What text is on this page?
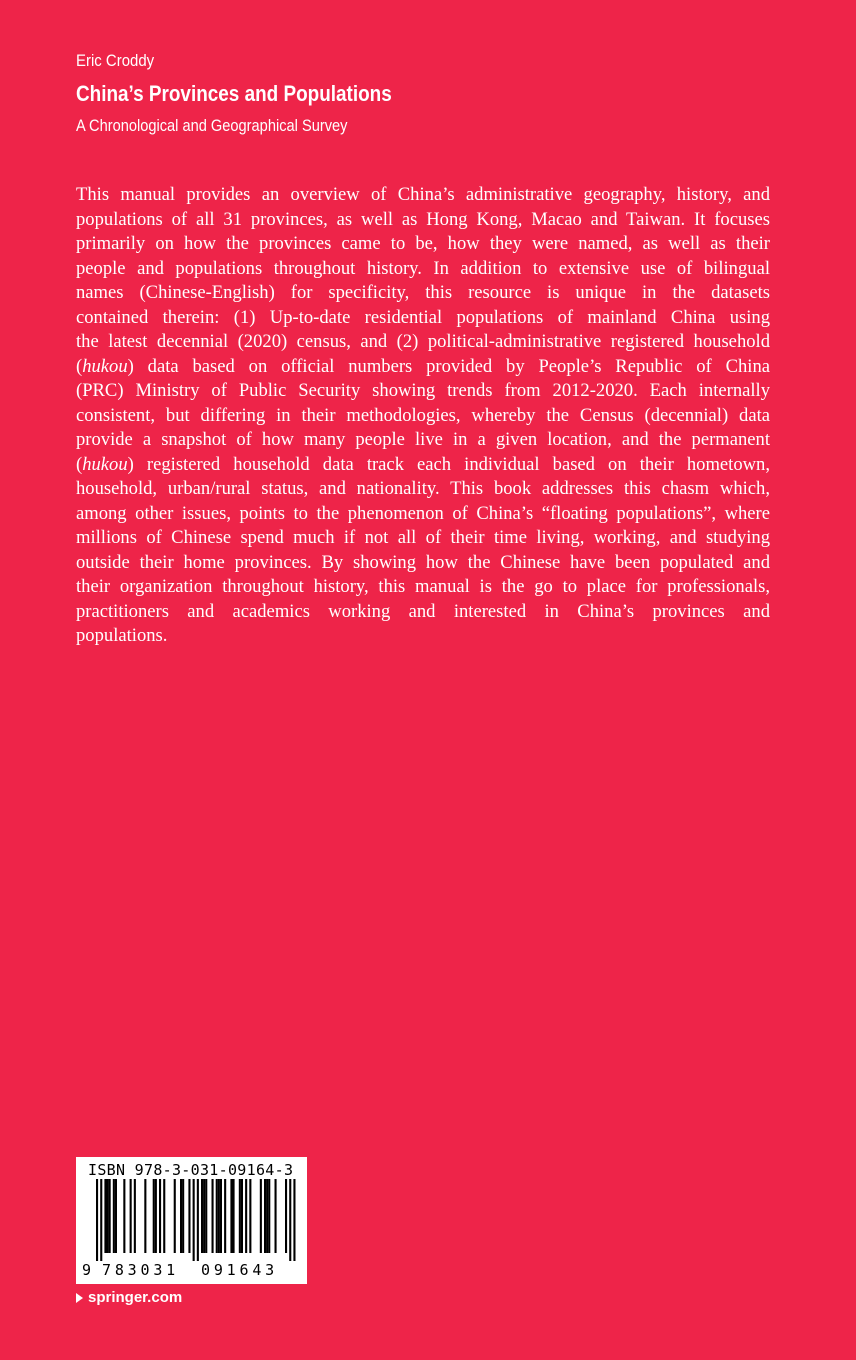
Eric Croddy
China’s Provinces and Populations
A Chronological and Geographical Survey
This manual provides an overview of China’s administrative geography, history, and
populations of all 31 provinces, as well as Hong Kong, Macao and Taiwan. It focuses
primarily on how the provinces came to be, how they were named, as well as their
people and populations throughout history. In addition to extensive use of bilingual
names (Chinese-English) for specificity, this resource is unique in the datasets
contained therein: (1) Up-to-date residential populations of mainland China using
the latest decennial (2020) census, and (2) political-administrative registered household
(hukou) data based on official numbers provided by People’s Republic of China
(PRC) Ministry of Public Security showing trends from 2012-2020. Each internally
consistent, but differing in their methodologies, whereby the Census (decennial) data
provide a snapshot of how many people live in a given location, and the permanent
(hukou) registered household data track each individual based on their hometown,
household, urban/rural status, and nationality. This book addresses this chasm which,
among other issues, points to the phenomenon of China’s “floating populations”, where
millions of Chinese spend much if not all of their time living, working, and studying
outside their home provinces. By showing how the Chinese have been populated and
their organization throughout history, this manual is the go to place for professionals,
practitioners and academics working and interested in China’s provinces and
populations.
ISBN 978-3-031-09164-3
9 783031 091643
springer.com
